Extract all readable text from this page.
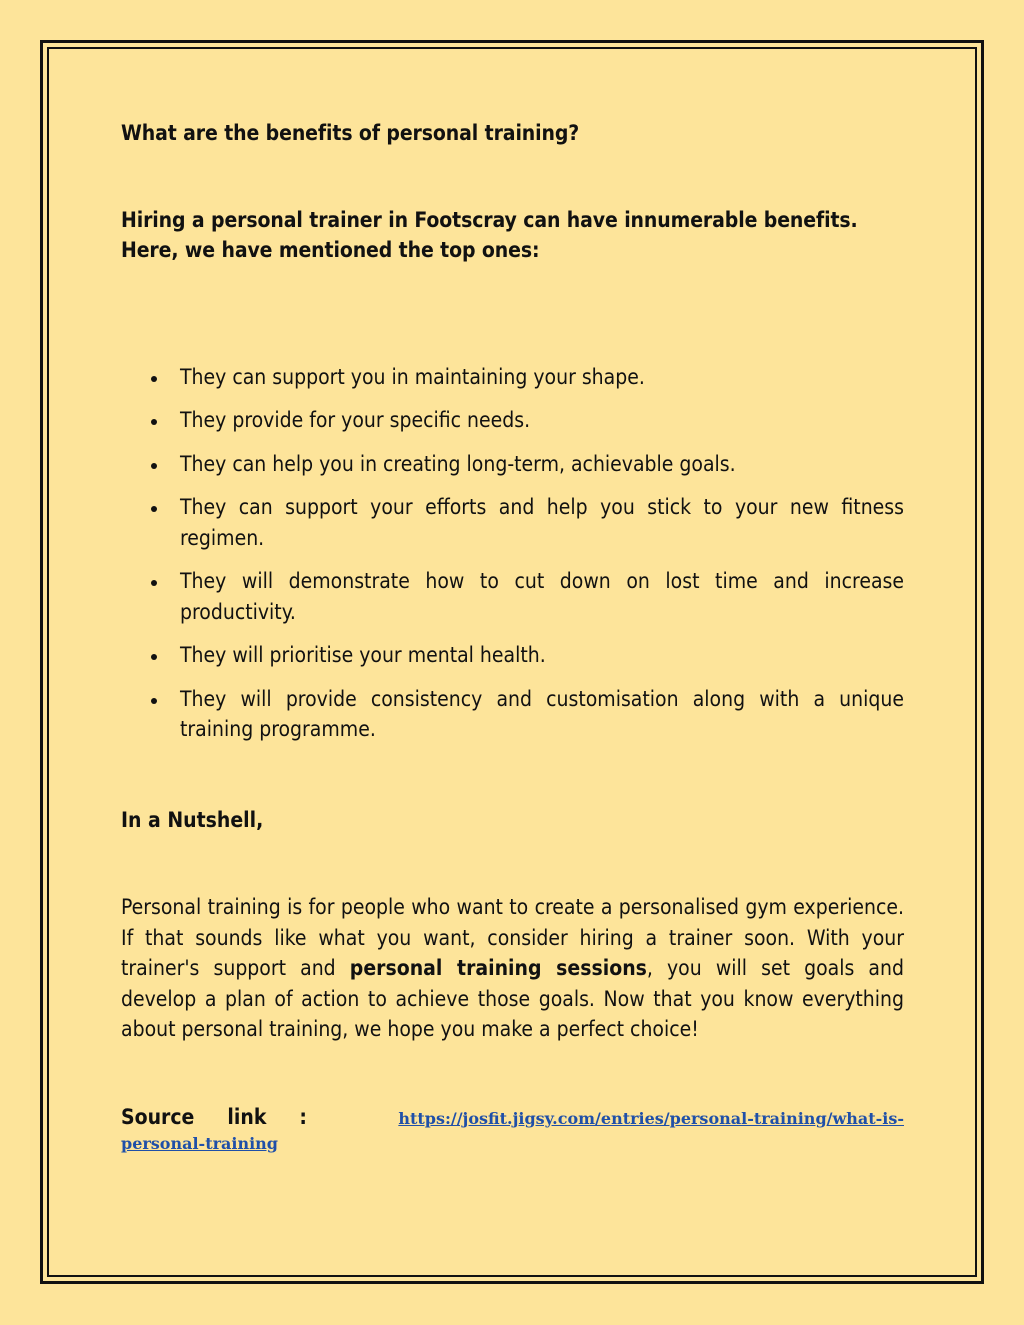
What are the benefits of personal training?

Hiring a personal trainer in Footscray can have innumerable benefits. Here, we have mentioned the top ones:

They can support you in maintaining your shape.
They provide for your specific needs.
They can help you in creating long-term, achievable goals.
They can support your efforts and help you stick to your new fitness regimen.
They will demonstrate how to cut down on lost time and increase productivity.
They will prioritise your mental health.
They will provide consistency and customisation along with a unique training programme.

In a Nutshell,

Personal training is for people who want to create a personalised gym experience. If that sounds like what you want, consider hiring a trainer soon. With your trainer's support and personal training sessions, you will set goals and develop a plan of action to achieve those goals. Now that you know everything about personal training, we hope you make a perfect choice!

Source link :	https://josfit.jigsy.com/entries/personal-training/what-is-
personal-training
